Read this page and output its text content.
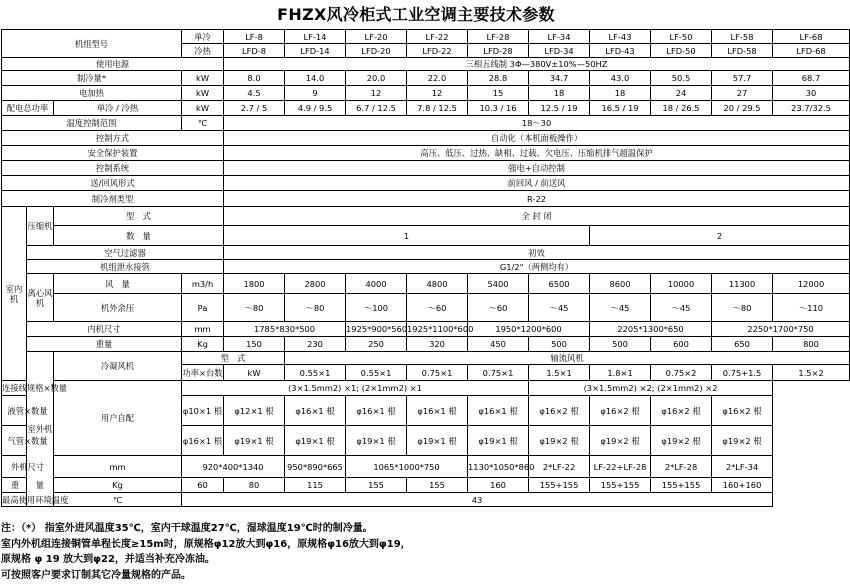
FHZX风冷柜式工业空调主要技术参数
机组型号			单冷	LF-8	LF-14	LF-20	LF-22	LF-28	LF-34	LF-43	LF-50	LF-58	LF-68	
			冷热	LFD-8	LFD-14	LFD-20	LFD-22	LFD-28	LFD-34	LFD-43	LFD-50	LFD-58	LFD-68	
使用电源				三相五线制 3Φ—380V±10%—50HZ										
制冷量*			kW	8.0	14.0	20.0	22.0	28.8	34.7	43.0	50.5	57.7	68.7	
电加热			kW	4.5	9	12	12	15	18	18	24	27	30	
配电总功率		单冷 / 冷热	kW	2.7 / 5	4.9 / 9.5	6.7 / 12.5	7.8 / 12.5	10.3 / 16	12.5 / 19	16.5 / 19	18 / 26.5	20 / 29.5	23.7/32.5	
温度控制范围			℃	18～30										
控制方式				自动化（本机面板操作）										
安全保护装置				高压、低压、过热、缺相、过载、欠电压、压缩机排气超温保护										
控制系统				强电+自动控制										
送/回风形式				前回风 / 前送风										
制冷剂类型				R-22										
室内机	压缩机	型　式		全 封 闭										
		数　量		1						2				
	空气过滤器			初效										
	机组泄水接管			G1/2"（两侧均有）										
	离心风机	风　量	m3/h	1800	2800	4000	4800	5400	6500	8600	10000	11300	12000	
		机外余压	Pa	～80	～80	～100	～60	～60	～45	～45	～45	～80	～110	
	内机尺寸		mm	1785*830*500		1925*900*560	1925*1100*600	1950*1200*600		2205*1300*650		2250*1700*750		
	重量		Kg	150	230	250	320	450	500	500	600	650	800	
	室外机	冷凝风机	型　式		轴流风机									
			功率×台数	kW	0.55×1	0.55×1	0.75×1	0.75×1	1.5×1	1.8×1	0.75×2	0.75+1.5	1.5×2	
连接线规格×数量		用户自配	(3×1.5mm2) ×1; (2×1mm2) ×1						(3×1.5mm2) ×2; (2×1mm2) ×2					
液管×数量			φ10×1 根	φ12×1 根	φ16×1 根	φ16×1 根	φ16×1 根	φ16×1 根	φ16×2 根	φ16×2 根	φ16×2 根	φ16×2 根		
气管×数量			φ16×1 根	φ19×1 根	φ19×1 根	φ19×1 根	φ19×1 根	φ19×1 根	φ19×2 根	φ19×2 根	φ19×2 根	φ19×2 根		
外机尺寸		mm	920*400*1340		950*890*665	1065*1000*750		1130*1050*860	2*LF-22	LF-22+LF-28	2*LF-28	2*LF-34		
重　　量		Kg	60	80	115	155	155	160	155+155	155+155	155+155	160+160		
最高使用环境温度		℃	43											
注：（*） 指室外进风温度35℃，室内干球温度27℃，湿球温度19℃时的制冷量。
室内外机组连接铜管单程长度≥15m时，原规格φ12放大到φ16，原规格φ16放大到φ19，
原规格 φ 19 放大到φ22，并适当补充冷冻油。
可按照客户要求订制其它冷量规格的产品。
